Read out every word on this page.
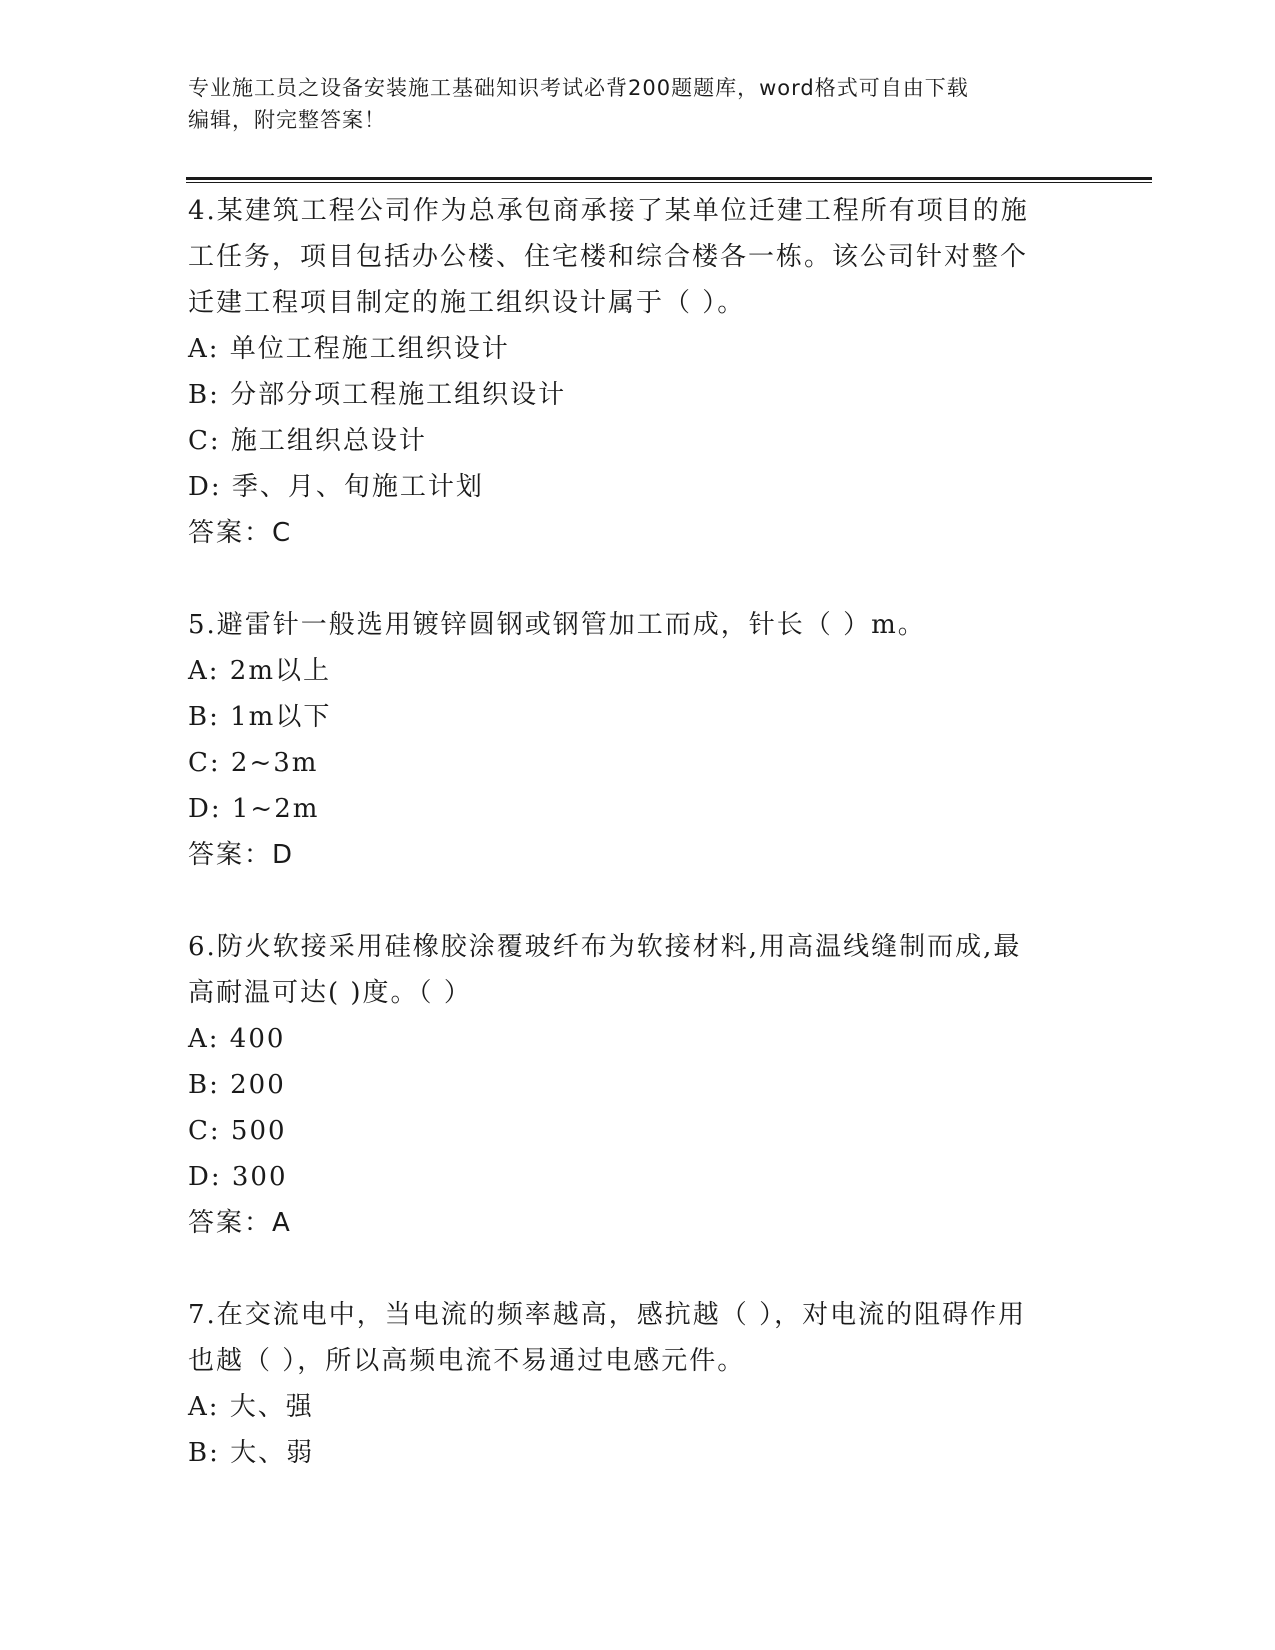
专业施工员之设备安装施工基础知识考试必背200题题库，word格式可自由下载
编辑，附完整答案！

4.某建筑工程公司作为总承包商承接了某单位迁建工程所有项目的施

工任务，项目包括办公楼、住宅楼和综合楼各一栋。该公司针对整个

迁建工程项目制定的施工组织设计属于（ ）。

A: 单位工程施工组织设计

B: 分部分项工程施工组织设计

C: 施工组织总设计

D: 季、月、旬施工计划

答案：C

5.避雷针一般选用镀锌圆钢或钢管加工而成，针长（ ）m。

A: 2m以上

B: 1m以下

C: 2~3m

D: 1~2m

答案：D

6.防火软接采用硅橡胶涂覆玻纤布为软接材料,用高温线缝制而成,最

高耐温可达( )度。（ ）

A: 400

B: 200

C: 500

D: 300

答案：A

7.在交流电中，当电流的频率越高，感抗越（ ），对电流的阻碍作用

也越（ ），所以高频电流不易通过电感元件。

A: 大、强

B: 大、弱
